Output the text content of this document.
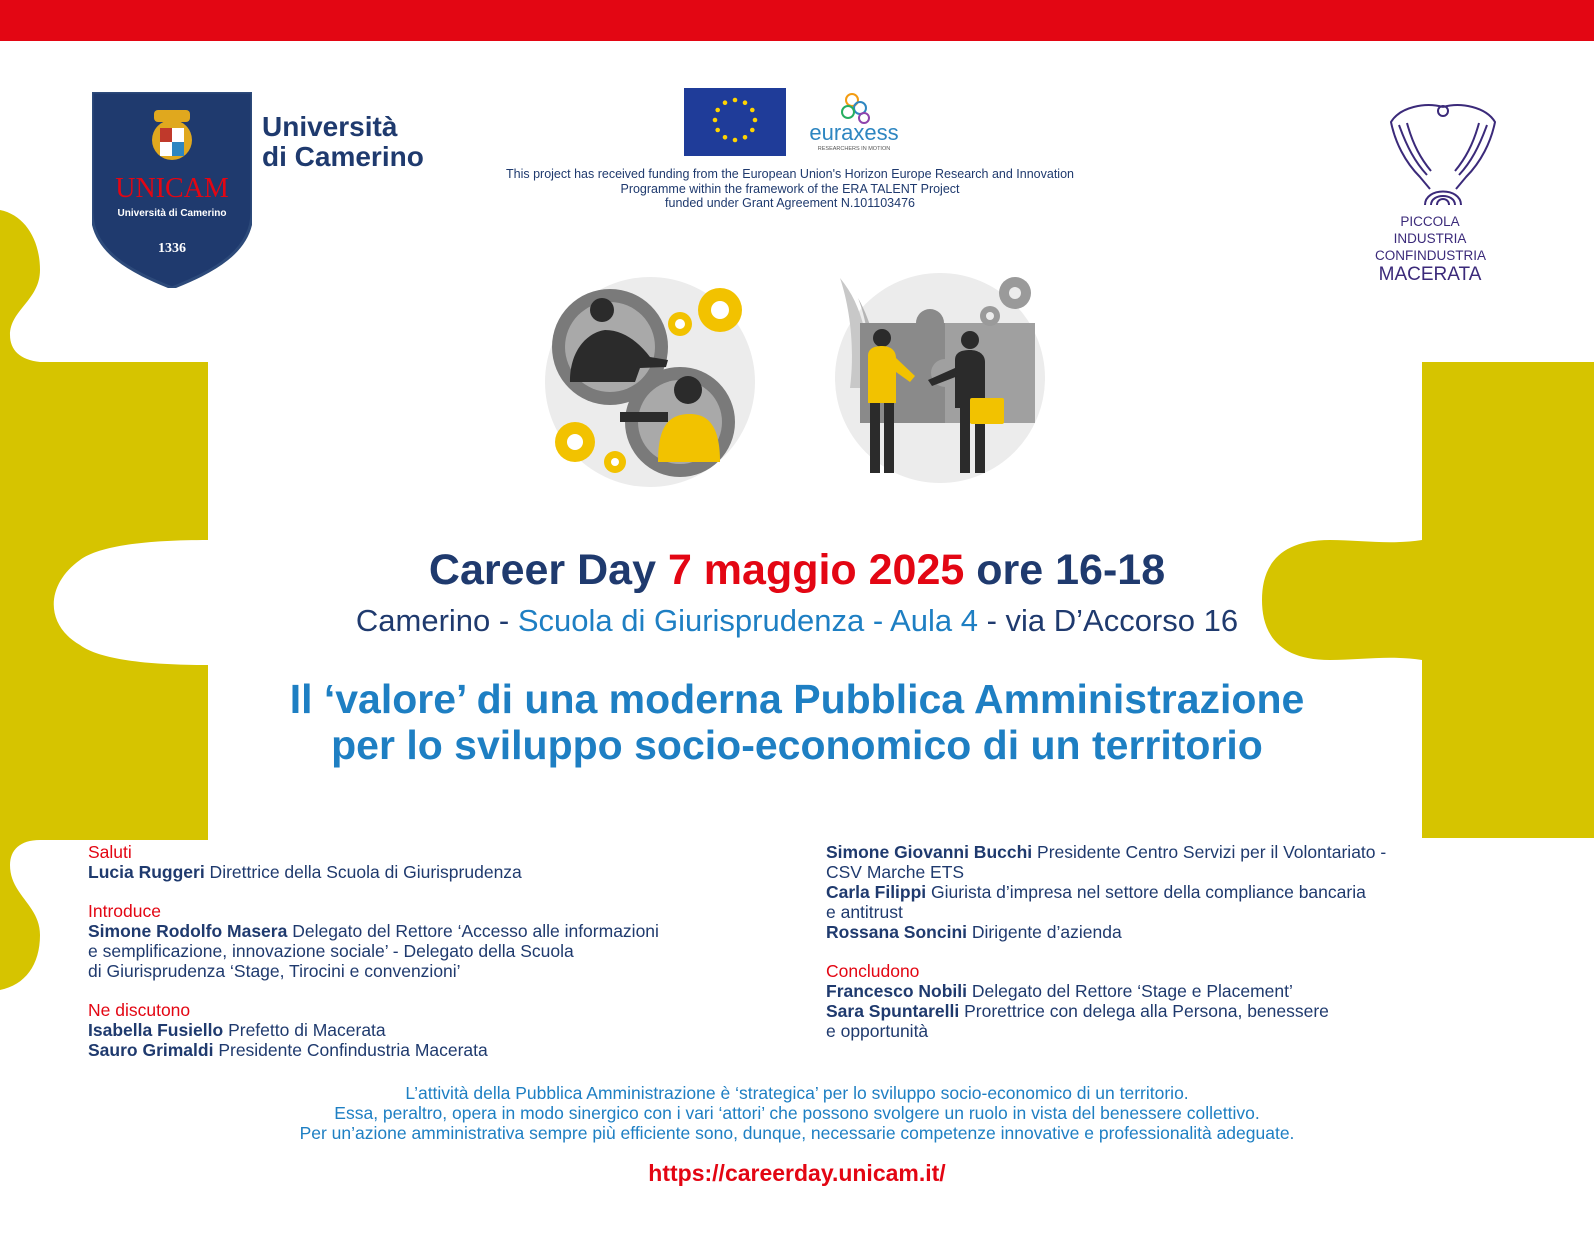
UNICAM
Università di Camerino
1336
Università
di Camerino
euraxess
RESEARCHERS IN MOTION
This project has received funding from the European Union's Horizon Europe Research and Innovation
Programme within the framework of the ERA TALENT Project
funded under Grant Agreement N.101103476
PICCOLA
INDUSTRIA
CONFINDUSTRIA
MACERATA
Career Day 7 maggio 2025 ore 16-18
Camerino - Scuola di Giurisprudenza - Aula 4 - via D’Accorso 16
Il ‘valore’ di una moderna Pubblica Amministrazione
per lo sviluppo socio-economico di un territorio
Saluti
Lucia Ruggeri Direttrice della Scuola di Giurisprudenza
Introduce
Simone Rodolfo Masera Delegato del Rettore ‘Accesso alle informazioni
e semplificazione, innovazione sociale’ - Delegato della Scuola
di Giurisprudenza ‘Stage, Tirocini e convenzioni’
Ne discutono
Isabella Fusiello Prefetto di Macerata
Sauro Grimaldi Presidente Confindustria Macerata
Simone Giovanni Bucchi Presidente Centro Servizi per il Volontariato -
CSV Marche ETS
Carla Filippi Giurista d’impresa nel settore della compliance bancaria
e antitrust
Rossana Soncini Dirigente d’azienda
Concludono
Francesco Nobili Delegato del Rettore ‘Stage e Placement’
Sara Spuntarelli Prorettrice con delega alla Persona, benessere
e opportunità
L’attività della Pubblica Amministrazione è ‘strategica’ per lo sviluppo socio-economico di un territorio.
Essa, peraltro, opera in modo sinergico con i vari ‘attori’ che possono svolgere un ruolo in vista del benessere collettivo.
Per un’azione amministrativa sempre più efficiente sono, dunque, necessarie competenze innovative e professionalità adeguate.
https://careerday.unicam.it/
